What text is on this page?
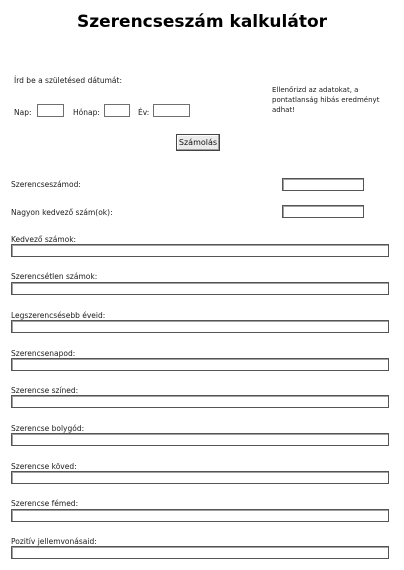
Szerencseszám kalkulátor
Írd be a születésed dátumát:
Ellenőrizd az adatokat, a pontatlanság hibás eredményt adhat!
Nap:	Hónap:	Év:
Számolás
Szerencseszámod:
Nagyon kedvező szám(ok):
Kedvező számok:
Szerencsétlen számok:
Legszerencsésebb éveid:
Szerencsenapod:
Szerencse színed:
Szerencse bolygód:
Szerencse köved:
Szerencse fémed:
Pozitív jellemvonásaid:
